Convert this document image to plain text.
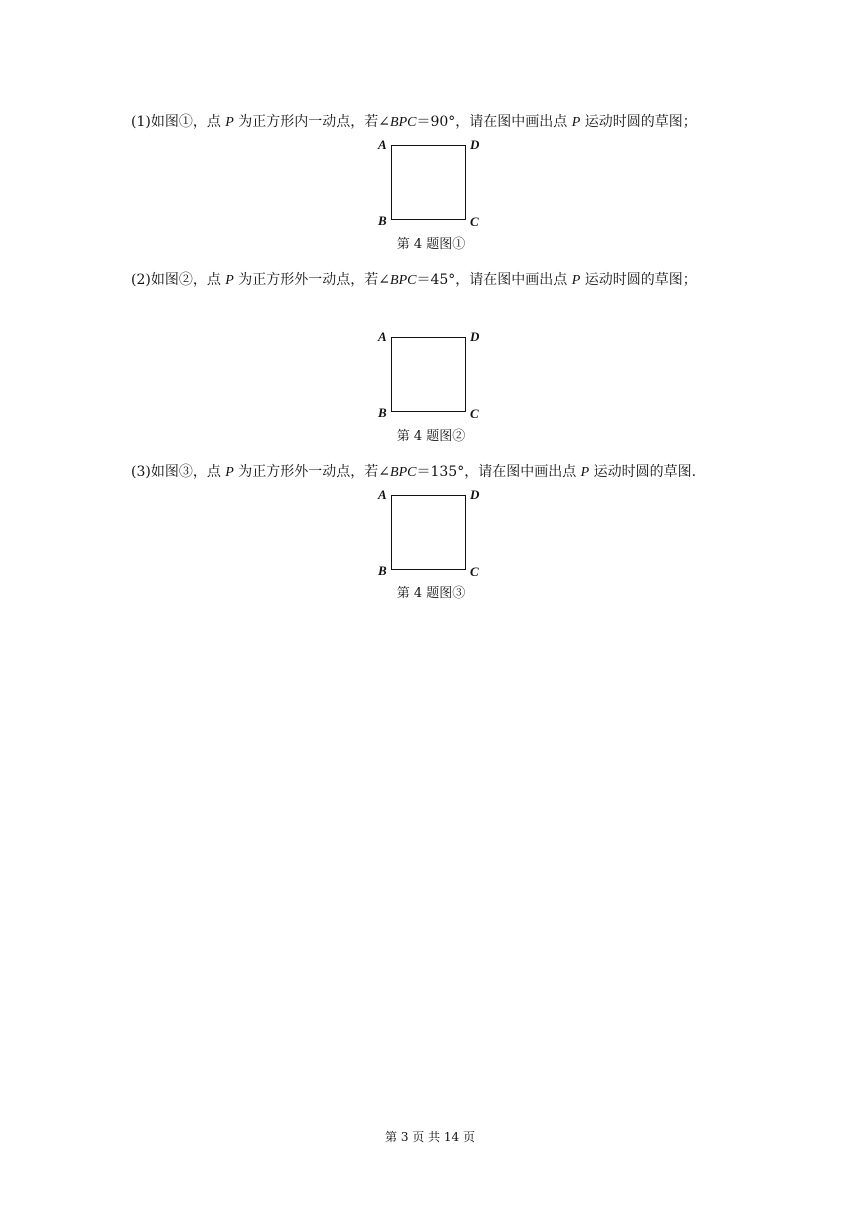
(1)如图①，点 P 为正方形内一动点，若∠BPC＝90°，请在图中画出点 P 运动时圆的草图；
A	D
B	C
第 4 题图①
(2)如图②，点 P 为正方形外一动点，若∠BPC＝45°，请在图中画出点 P 运动时圆的草图；
A	D
B	C
第 4 题图②
(3)如图③，点 P 为正方形外一动点，若∠BPC＝135°，请在图中画出点 P 运动时圆的草图.
A	D
B	C
第 4 题图③
第 3 页 共 14 页
